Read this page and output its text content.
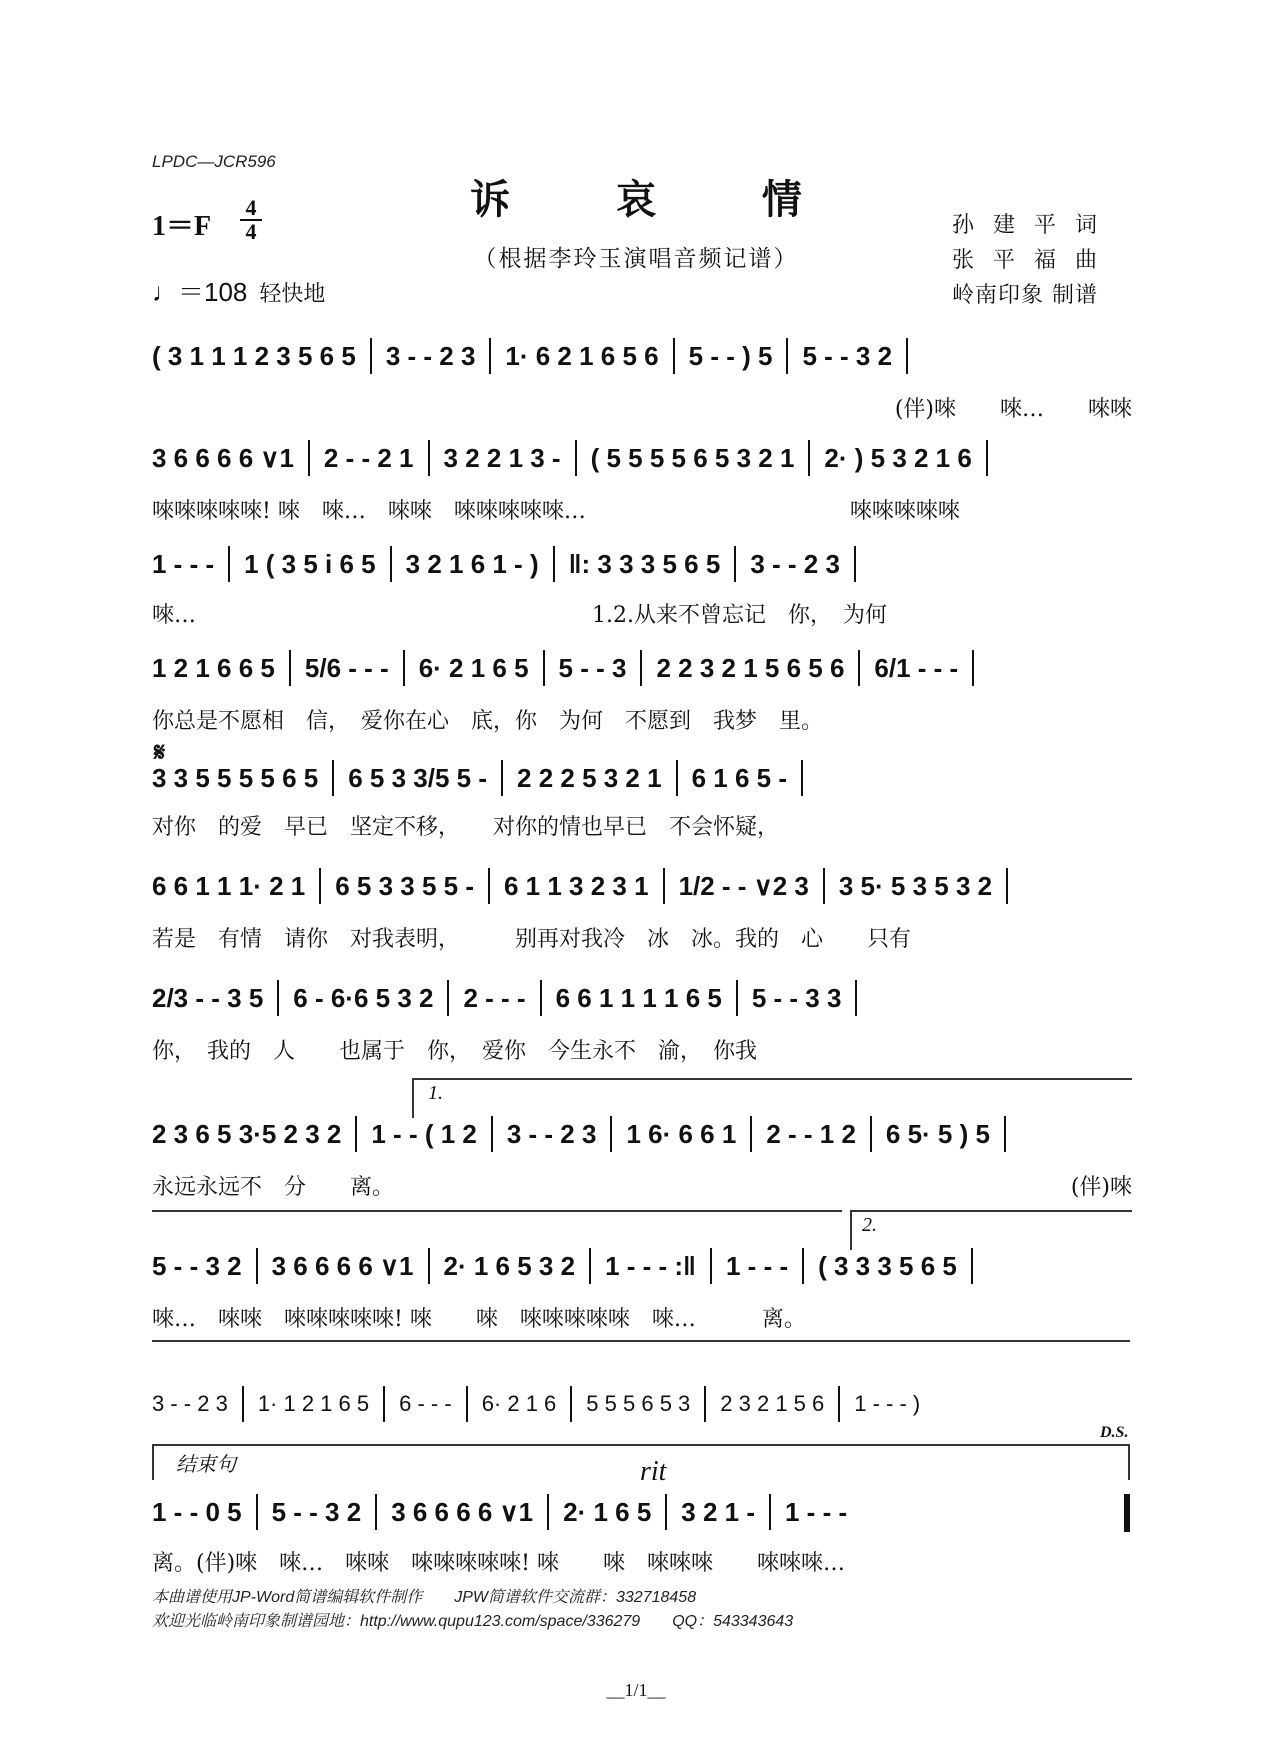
LPDC—JCR596
诉 哀 情
（根据李玲玉演唱音频记谱）
1＝F
4
4
♩＝108 轻快地
孙 建 平 词
张 平 福 曲
岭南印象 制谱
( 3 1 1 1 2 3 5 6 5 3 - - 2 3 1· 6 2 1 6 5 6 5 - - ) 5 5 - - 3 2
(伴)唻　　唻…　　唻唻
3 6 6 6 6 ∨1 2 - - 2 1 3 2 2 1 3 - ( 5 5 5 5 6 5 3 2 1 2· ) 5 3 2 1 6
唻唻唻唻唻! 唻　唻…　唻唻　唻唻唻唻唻…　　　　　　　　　　　　唻唻唻唻唻
1 - - - 1 ( 3 5 i 6 5 3 2 1 6 1 - ) ‖: 3 3 3 5 6 5 3 - - 2 3
唻…　　　　　　　　　　　　　　　　　　1.2.从来不曾忘记　你，　为何
1 2 1 6 6 5 5/6 - - - 6· 2 1 6 5 5 - - 3 2 2 3 2 1 5 6 5 6 6/1 - - -
你总是不愿相　信，　爱你在心　底，你　为何　不愿到　我梦　里。
𝄋
3 3 5 5 5 5 6 5 6 5 3 3/5 5 - 2 2 2 5 3 2 1 6 1 6 5 -
对你　的爱　早已　坚定不移，　　对你的情也早已　不会怀疑，
6 6 1 1 1· 2 1 6 5 3 3 5 5 - 6 1 1 3 2 3 1 1/2 - - ∨2 3 3 5· 5 3 5 3 2
若是　有情　请你　对我表明，　　　别再对我冷　冰　冰。我的　心　　只有
2/3 - - 3 5 6 - 6·6 5 3 2 2 - - - 6 6 1 1 1 1 6 5 5 - - 3 3
你，　我的　人　　也属于　你，　爱你　今生永不　渝，　你我
1.
2 3 6 5 3·5 2 3 2 1 - - ( 1 2 3 - - 2 3 1 6· 6 6 1 2 - - 1 2 6 5· 5 ) 5
永远永远不　分　　离。	(伴)唻
2.
5 - - 3 2 3 6 6 6 6 ∨1 2· 1 6 5 3 2 1 - - - :‖ 1 - - - ( 3 3 3 5 6 5
唻…　唻唻　唻唻唻唻唻! 唻　　唻　唻唻唻唻唻　唻…　　　离。
3 - - 2 3 1· 1 2 1 6 5 6 - - - 6· 2 1 6 5 5 5 6 5 3 2 3 2 1 5 6 1 - - - )
D.S.
结束句	rit
1 - - 0 5 5 - - 3 2 3 6 6 6 6 ∨1 2· 1 6 5 3 2 1 - 1 - - -
离。(伴)唻　唻…　唻唻　唻唻唻唻唻! 唻　　唻　唻唻唻　　唻唻唻…
本曲谱使用JP-Word简谱编辑软件制作　　JPW简谱软件交流群：332718458
欢迎光临岭南印象制谱园地：http://www.qupu123.com/space/336279　　QQ：543343643
__1/1__
